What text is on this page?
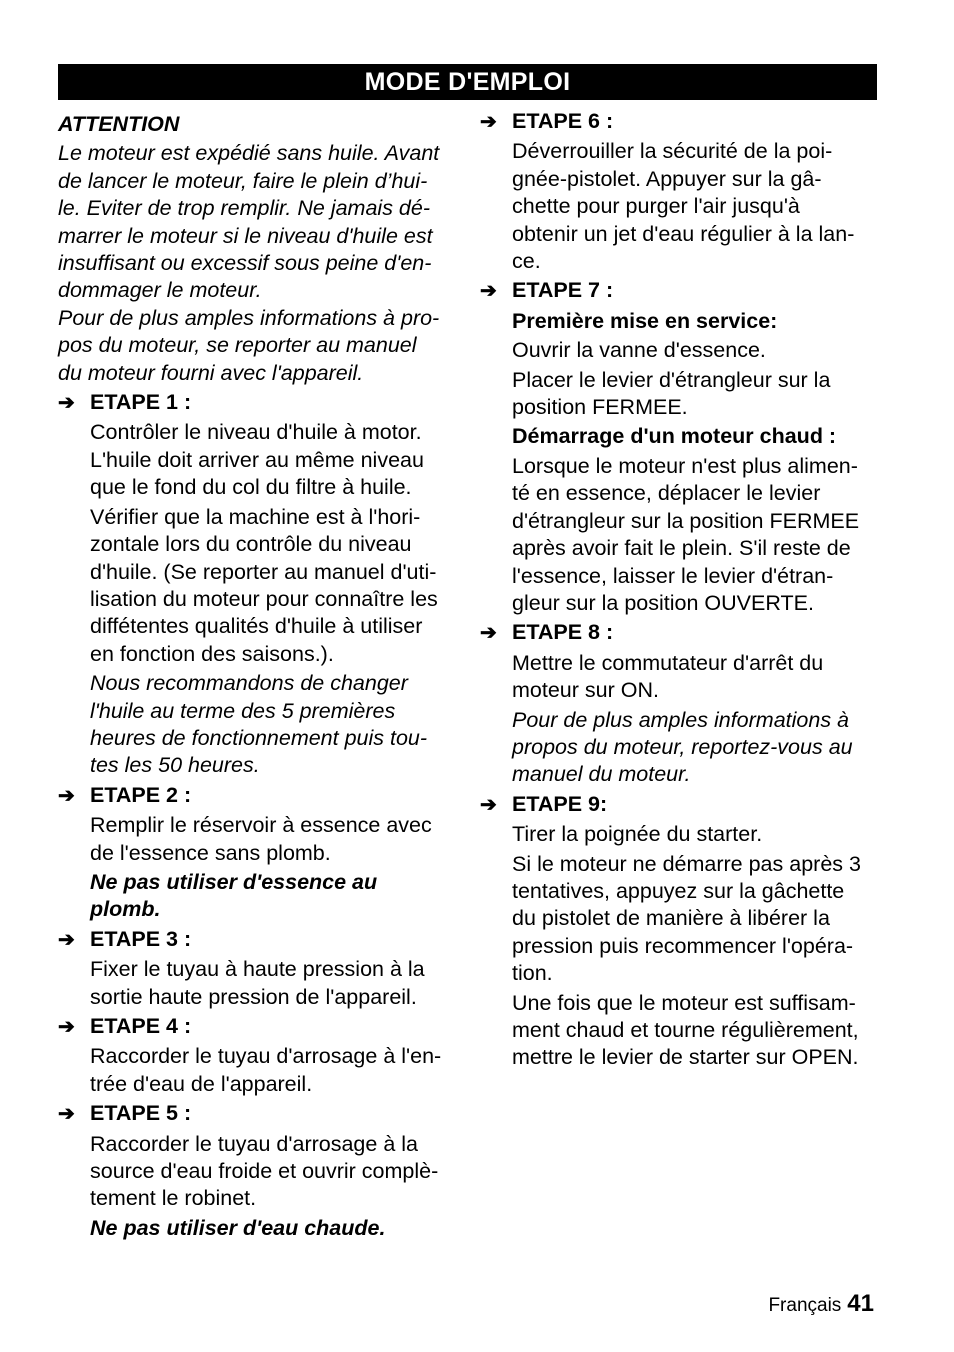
MODE D'EMPLOI
ATTENTION
Le moteur est expédié sans huile. Avant
de lancer le moteur, faire le plein d’hui-
le. Eviter de trop remplir. Ne jamais dé-
marrer le moteur si le niveau d'huile est
insuffisant ou excessif sous peine d'en-
dommager le moteur.
Pour de plus amples informations à pro-
pos du moteur, se reporter au manuel
du moteur fourni avec l'appareil.
➔ ETAPE 1 :
Contrôler le niveau d'huile à motor.
L'huile doit arriver au même niveau
que le fond du col du filtre à huile.
Vérifier que la machine est à l'hori-
zontale lors du contrôle du niveau
d'huile. (Se reporter au manuel d'uti-
lisation du moteur pour connaître les
diffétentes qualités d'huile à utiliser
en fonction des saisons.).
Nous recommandons de changer
l'huile au terme des 5 premières
heures de fonctionnement puis tou-
tes les 50 heures.
➔ ETAPE 2 :
Remplir le réservoir à essence avec
de l'essence sans plomb.
Ne pas utiliser d'essence au
plomb.
➔ ETAPE 3 :
Fixer le tuyau à haute pression à la
sortie haute pression de l'appareil.
➔ ETAPE 4 :
Raccorder le tuyau d'arrosage à l'en-
trée d'eau de l'appareil.
➔ ETAPE 5 :
Raccorder le tuyau d'arrosage à la
source d'eau froide et ouvrir complè-
tement le robinet.
Ne pas utiliser d'eau chaude.
➔ ETAPE 6 :
Déverrouiller la sécurité de la poi-
gnée-pistolet. Appuyer sur la gâ-
chette pour purger l'air jusqu'à
obtenir un jet d'eau régulier à la lan-
ce.
➔ ETAPE 7 :
Première mise en service:
Ouvrir la vanne d'essence.
Placer le levier d'étrangleur sur la
position FERMEE.
Démarrage d'un moteur chaud :
Lorsque le moteur n'est plus alimen-
té en essence, déplacer le levier
d'étrangleur sur la position FERMEE
après avoir fait le plein. S'il reste de
l'essence, laisser le levier d'étran-
gleur sur la position OUVERTE.
➔ ETAPE 8 :
Mettre le commutateur d'arrêt du
moteur sur ON.
Pour de plus amples informations à
propos du moteur, reportez-vous au
manuel du moteur.
➔ ETAPE 9:
Tirer la poignée du starter.
Si le moteur ne démarre pas après 3
tentatives, appuyez sur la gâchette
du pistolet de manière à libérer la
pression puis recommencer l'opéra-
tion.
Une fois que le moteur est suffisam-
ment chaud et tourne régulièrement,
mettre le levier de starter sur OPEN.
Français 41
